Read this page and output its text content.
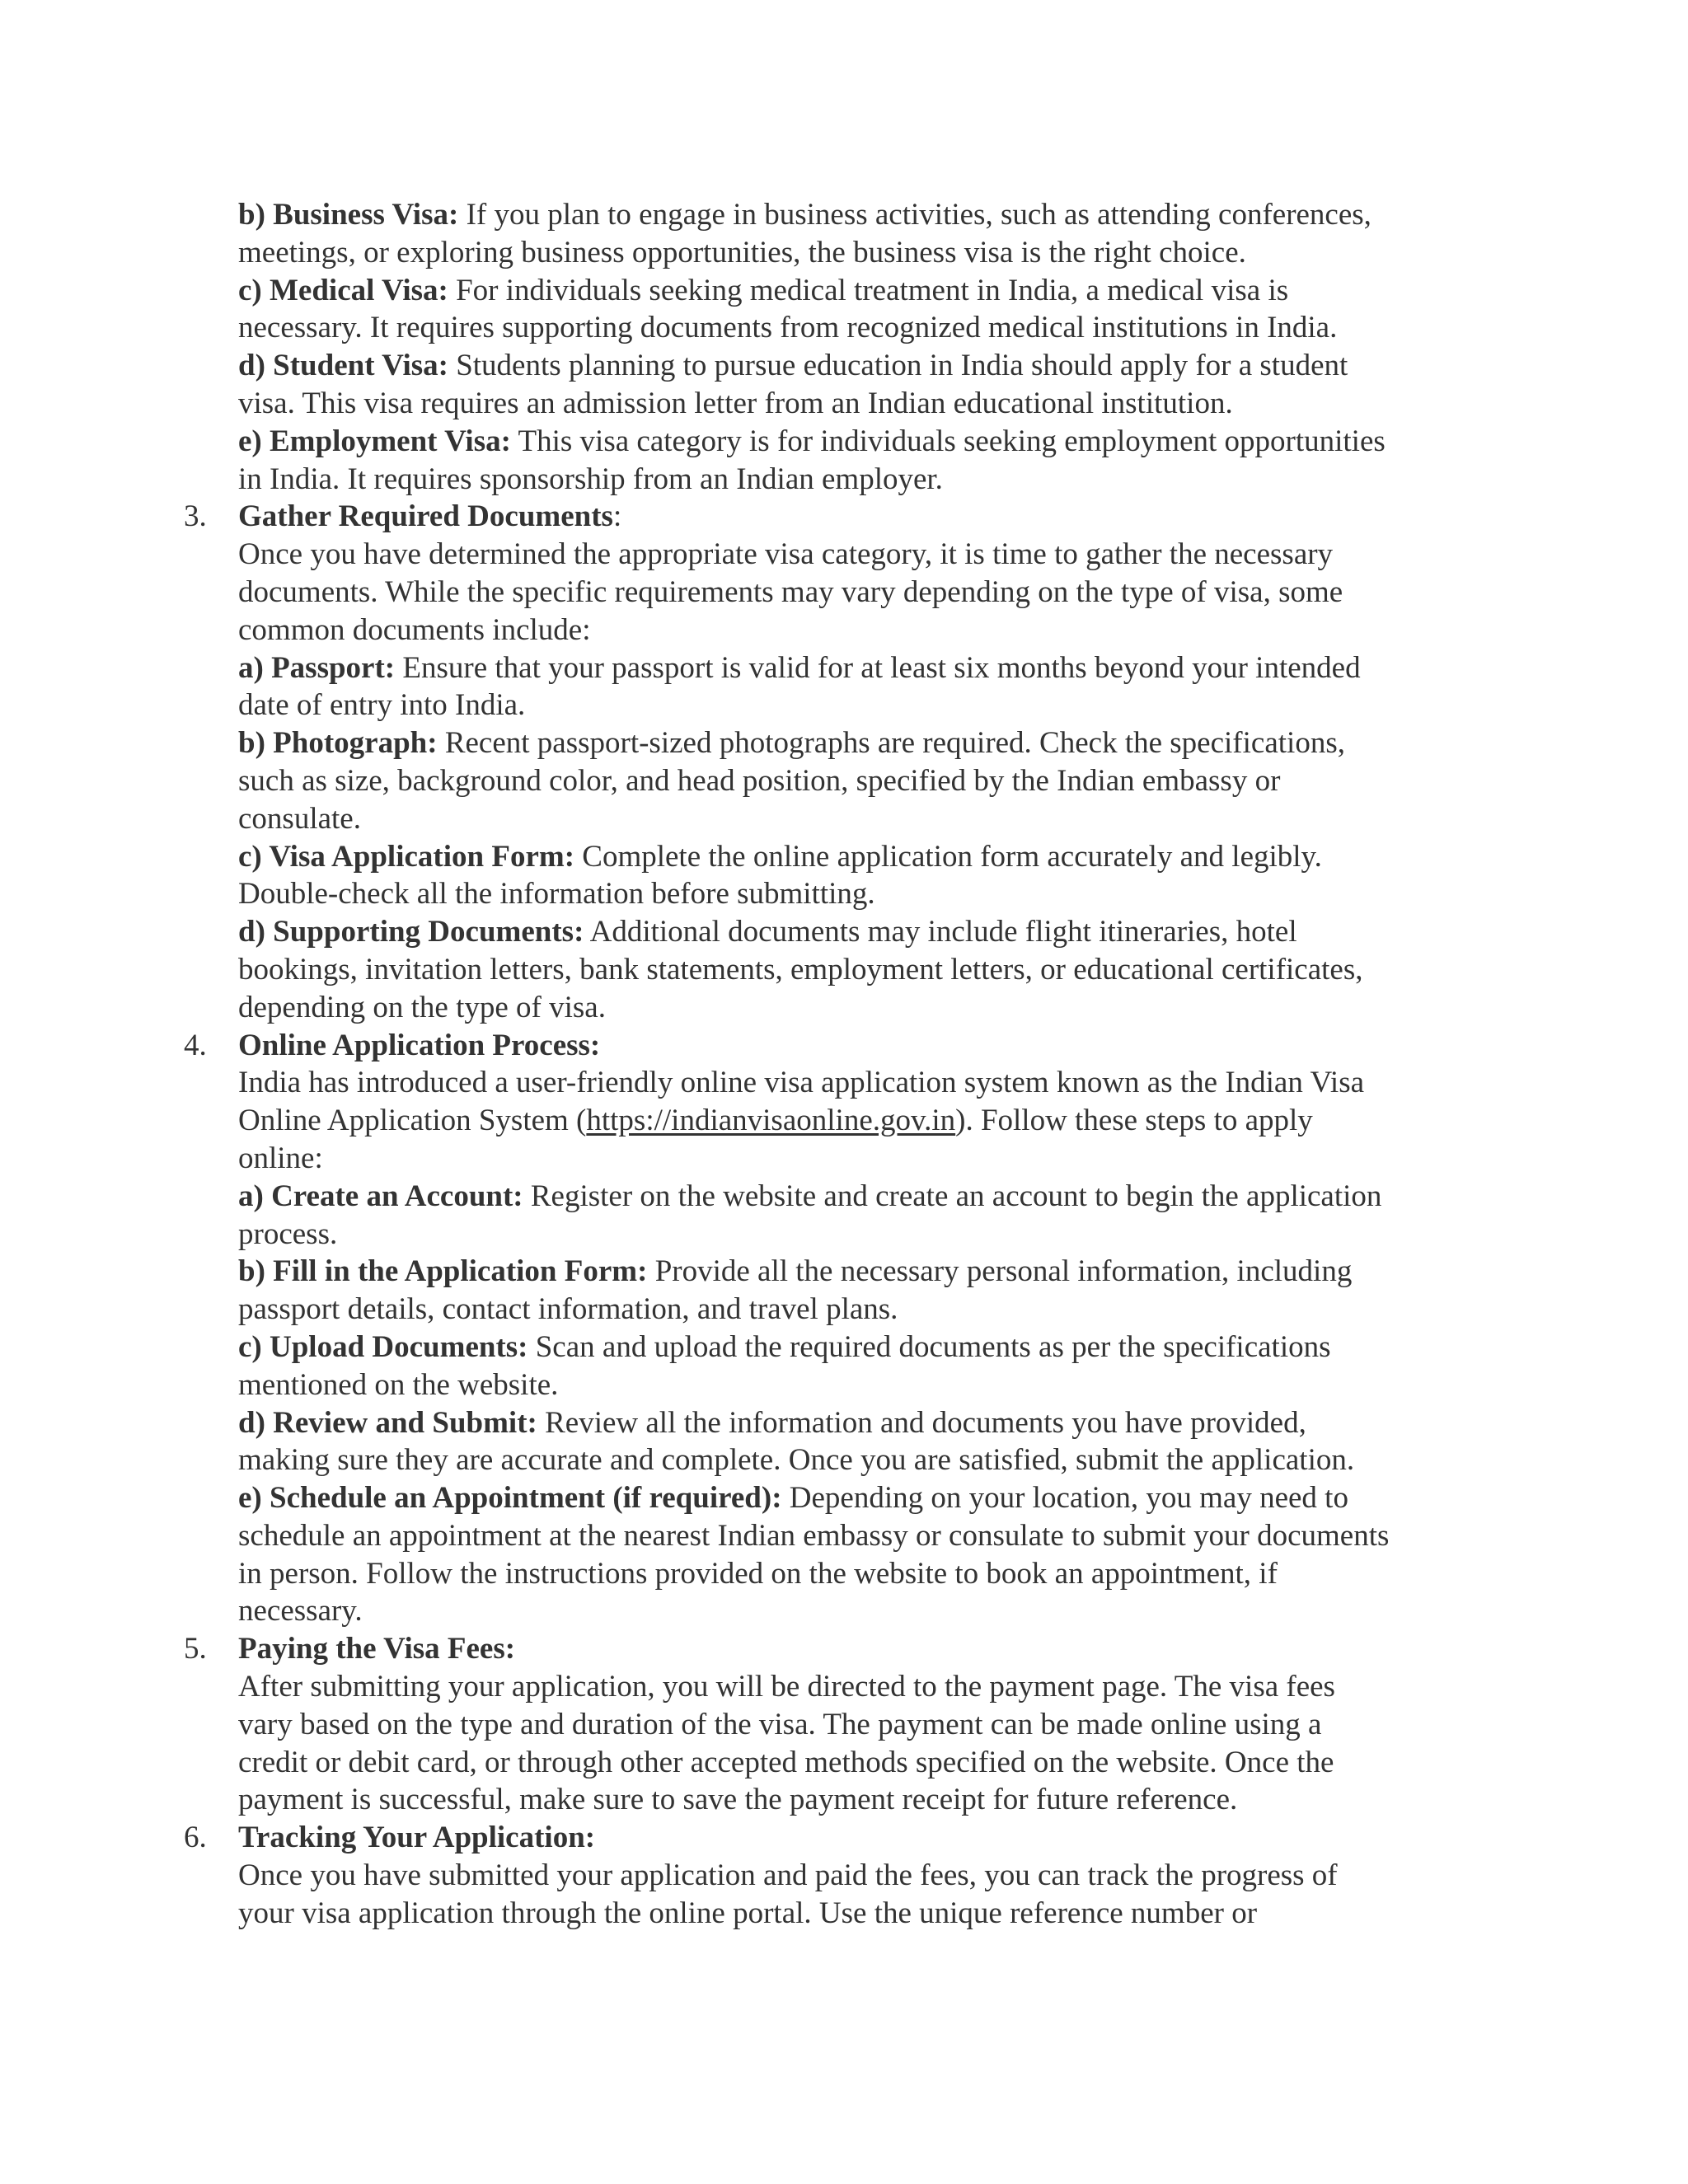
b) Business Visa: If you plan to engage in business activities, such as attending conferences,
meetings, or exploring business opportunities, the business visa is the right choice.
c) Medical Visa: For individuals seeking medical treatment in India, a medical visa is
necessary. It requires supporting documents from recognized medical institutions in India.
d) Student Visa: Students planning to pursue education in India should apply for a student
visa. This visa requires an admission letter from an Indian educational institution.
e) Employment Visa: This visa category is for individuals seeking employment opportunities
in India. It requires sponsorship from an Indian employer.
3.	Gather Required Documents:
Once you have determined the appropriate visa category, it is time to gather the necessary
documents. While the specific requirements may vary depending on the type of visa, some
common documents include:
a) Passport: Ensure that your passport is valid for at least six months beyond your intended
date of entry into India.
b) Photograph: Recent passport-sized photographs are required. Check the specifications,
such as size, background color, and head position, specified by the Indian embassy or
consulate.
c) Visa Application Form: Complete the online application form accurately and legibly.
Double-check all the information before submitting.
d) Supporting Documents: Additional documents may include flight itineraries, hotel
bookings, invitation letters, bank statements, employment letters, or educational certificates,
depending on the type of visa.
4.	Online Application Process:
India has introduced a user-friendly online visa application system known as the Indian Visa
Online Application System (https://indianvisaonline.gov.in). Follow these steps to apply
online:
a) Create an Account: Register on the website and create an account to begin the application
process.
b) Fill in the Application Form: Provide all the necessary personal information, including
passport details, contact information, and travel plans.
c) Upload Documents: Scan and upload the required documents as per the specifications
mentioned on the website.
d) Review and Submit: Review all the information and documents you have provided,
making sure they are accurate and complete. Once you are satisfied, submit the application.
e) Schedule an Appointment (if required): Depending on your location, you may need to
schedule an appointment at the nearest Indian embassy or consulate to submit your documents
in person. Follow the instructions provided on the website to book an appointment, if
necessary.
5.	Paying the Visa Fees:
After submitting your application, you will be directed to the payment page. The visa fees
vary based on the type and duration of the visa. The payment can be made online using a
credit or debit card, or through other accepted methods specified on the website. Once the
payment is successful, make sure to save the payment receipt for future reference.
6.	Tracking Your Application:
Once you have submitted your application and paid the fees, you can track the progress of
your visa application through the online portal. Use the unique reference number or
